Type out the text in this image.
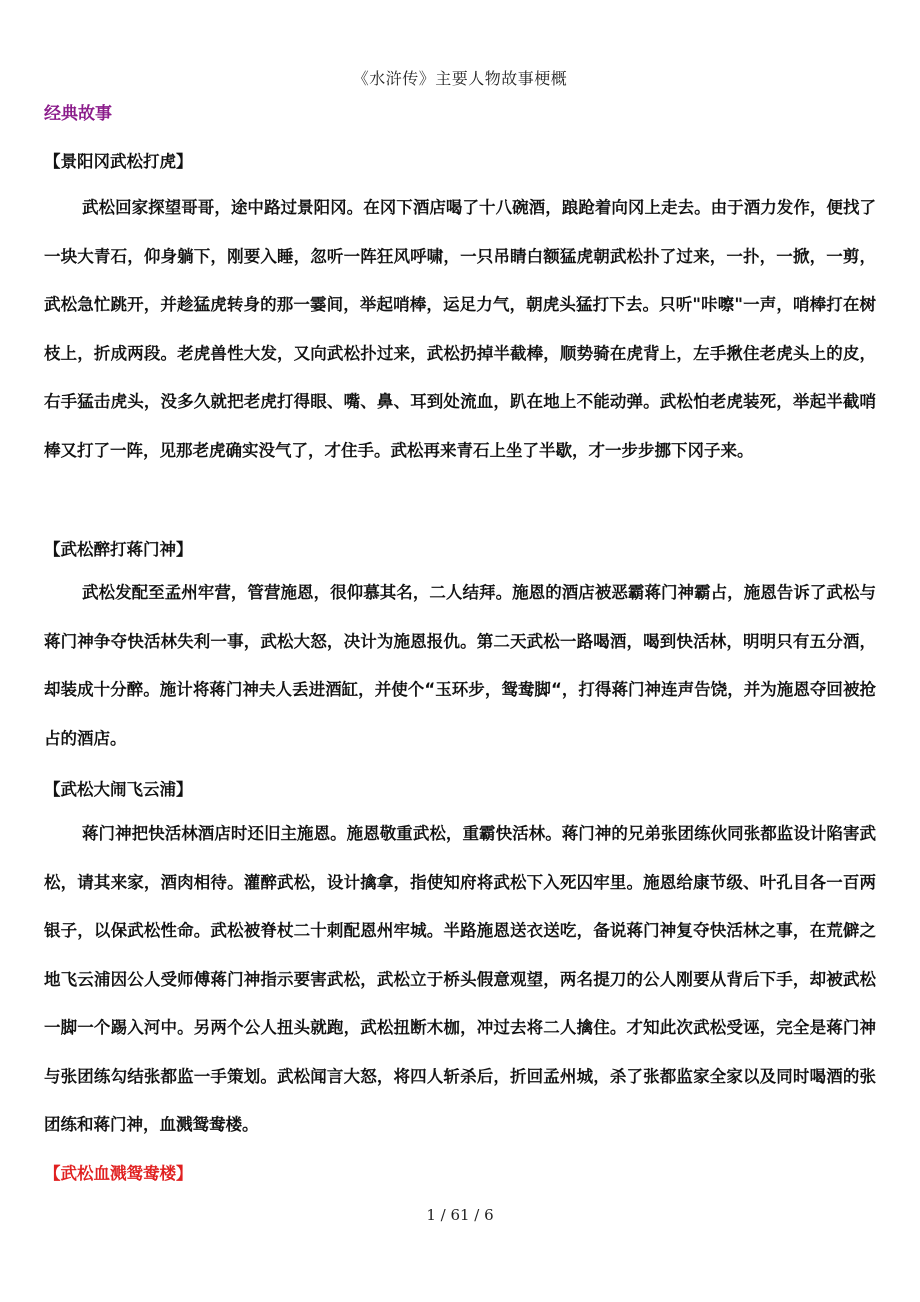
《水浒传》主要人物故事梗概
经典故事
【景阳冈武松打虎】

武松回家探望哥哥，途中路过景阳冈。在冈下酒店喝了十八碗酒，踉跄着向冈上走去。由于酒力发作，便找了一块大青石，仰身躺下，刚要入睡，忽听一阵狂风呼啸，一只吊睛白额猛虎朝武松扑了过来，一扑，一掀，一剪，武松急忙跳开，并趁猛虎转身的那一霎间，举起哨棒，运足力气，朝虎头猛打下去。只听"咔嚓"一声，哨棒打在树枝上，折成两段。老虎兽性大发，又向武松扑过来，武松扔掉半截棒，顺势骑在虎背上，左手揪住老虎头上的皮，右手猛击虎头，没多久就把老虎打得眼、嘴、鼻、耳到处流血，趴在地上不能动弹。武松怕老虎装死，举起半截哨棒又打了一阵，见那老虎确实没气了，才住手。武松再来青石上坐了半歇，才一步步挪下冈子来。

【武松醉打蒋门神】

武松发配至孟州牢营，管营施恩，很仰慕其名，二人结拜。施恩的酒店被恶霸蒋门神霸占，施恩告诉了武松与蒋门神争夺快活林失利一事，武松大怒，决计为施恩报仇。第二天武松一路喝酒，喝到快活林，明明只有五分酒，却装成十分醉。施计将蒋门神夫人丢进酒缸，并使个“玉环步，鸳鸯脚“，打得蒋门神连声告饶，并为施恩夺回被抢占的酒店。

【武松大闹飞云浦】

蒋门神把快活林酒店时还旧主施恩。施恩敬重武松，重霸快活林。蒋门神的兄弟张团练伙同张都监设计陷害武松，请其来家，酒肉相待。灌醉武松，设计擒拿，指使知府将武松下入死囚牢里。施恩给康节级、叶孔目各一百两银子，以保武松性命。武松被脊杖二十刺配恩州牢城。半路施恩送衣送吃，备说蒋门神复夺快活林之事，在荒僻之地飞云浦因公人受师傅蒋门神指示要害武松，武松立于桥头假意观望，两名提刀的公人刚要从背后下手，却被武松一脚一个踢入河中。另两个公人扭头就跑，武松扭断木枷，冲过去将二人擒住。才知此次武松受诬，完全是蒋门神与张团练勾结张都监一手策划。武松闻言大怒，将四人斩杀后，折回孟州城，杀了张都监家全家以及同时喝酒的张团练和蒋门神，血溅鸳鸯楼。

【武松血溅鸳鸯楼】
1 / 61 / 6
